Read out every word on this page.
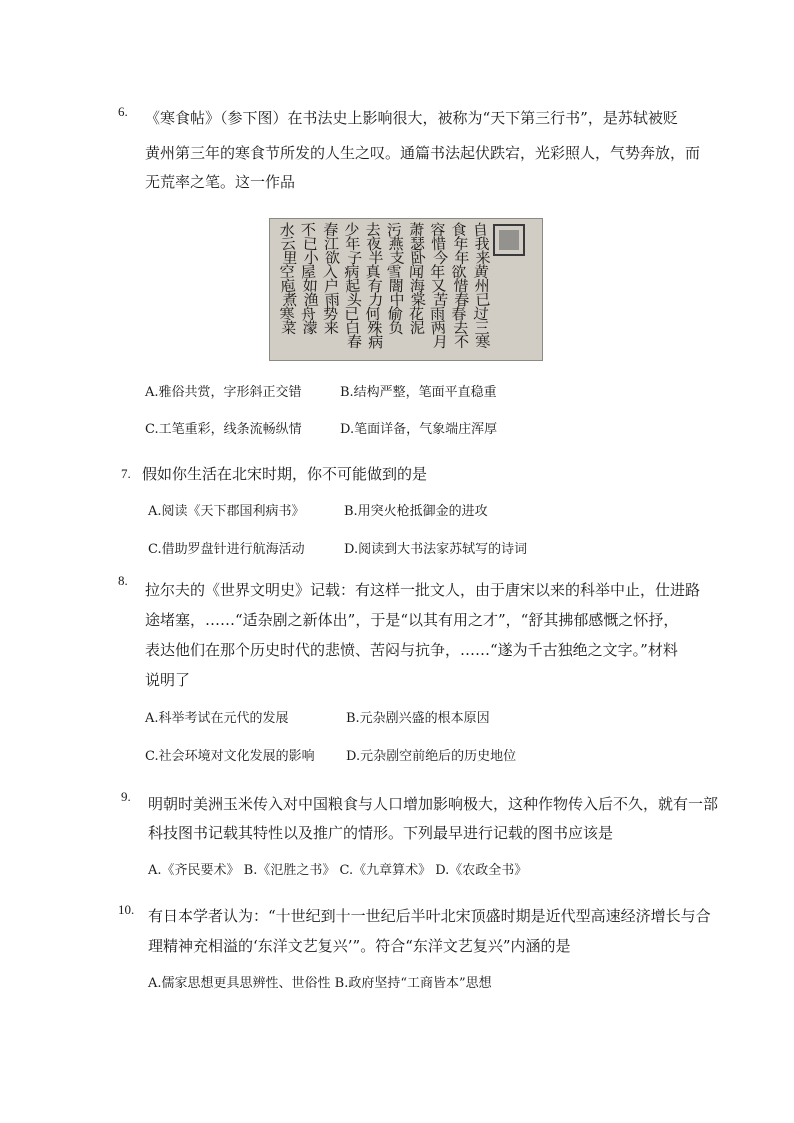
6. 《寒食帖》（参下图）在书法史上影响很大，被称为“天下第三行书”，是苏轼被贬
黄州第三年的寒食节所发的人生之叹。通篇书法起伏跌宕，光彩照人，气势奔放，而
无荒率之笔。这一作品
自
我
来
黄
州
已
过
三
寒
食
年
年
欲
惜
春
春
去
不
容
惜
今
年
又
苦
雨
两
月
萧
瑟
卧
闻
海
棠
花
泥
污
燕
支
雪
闇
中
偷
负
去
夜
半
真
有
力
何
殊
病
少
年
子
病
起
头
已
白
春
春
江
欲
入
户
雨
势
来
不
已
小
屋
如
渔
舟
濛
水
云
里
空
庖
煮
寒
菜
A.雅俗共赏，字形斜正交错	B.结构严整，笔面平直稳重
C.工笔重彩，线条流畅纵情	D.笔面详备，气象端庄浑厚
7. 假如你生活在北宋时期，你不可能做到的是
A.阅读《天下郡国利病书》	B.用突火枪抵御金的进攻
C.借助罗盘针进行航海活动	D.阅读到大书法家苏轼写的诗词
8.
拉尔夫的《世界文明史》记载：有这样一批文人，由于唐宋以来的科举中止，仕进路
途堵塞，……“适杂剧之新体出”，于是“以其有用之才”，“舒其拂郁感慨之怀抒，
表达他们在那个历史时代的悲愤、苦闷与抗争，……“遂为千古独绝之文字。”材料
说明了
A.科举考试在元代的发展	B.元杂剧兴盛的根本原因
C.社会环境对文化发展的影响 D.元杂剧空前绝后的历史地位
9. 明朝时美洲玉米传入对中国粮食与人口增加影响极大，这种作物传入后不久，就有一部
科技图书记载其特性以及推广的情形。下列最早进行记载的图书应该是
A.《齐民要术》 B.《氾胜之书》 C.《九章算术》 D.《农政全书》
10. 有日本学者认为：“十世纪到十一世纪后半叶北宋顶盛时期是近代型高速经济增长与合
理精神充相溢的‘东洋文艺复兴’”。符合“东洋文艺复兴”内涵的是
A.儒家思想更具思辨性、世俗性 B.政府坚持“工商皆本”思想
